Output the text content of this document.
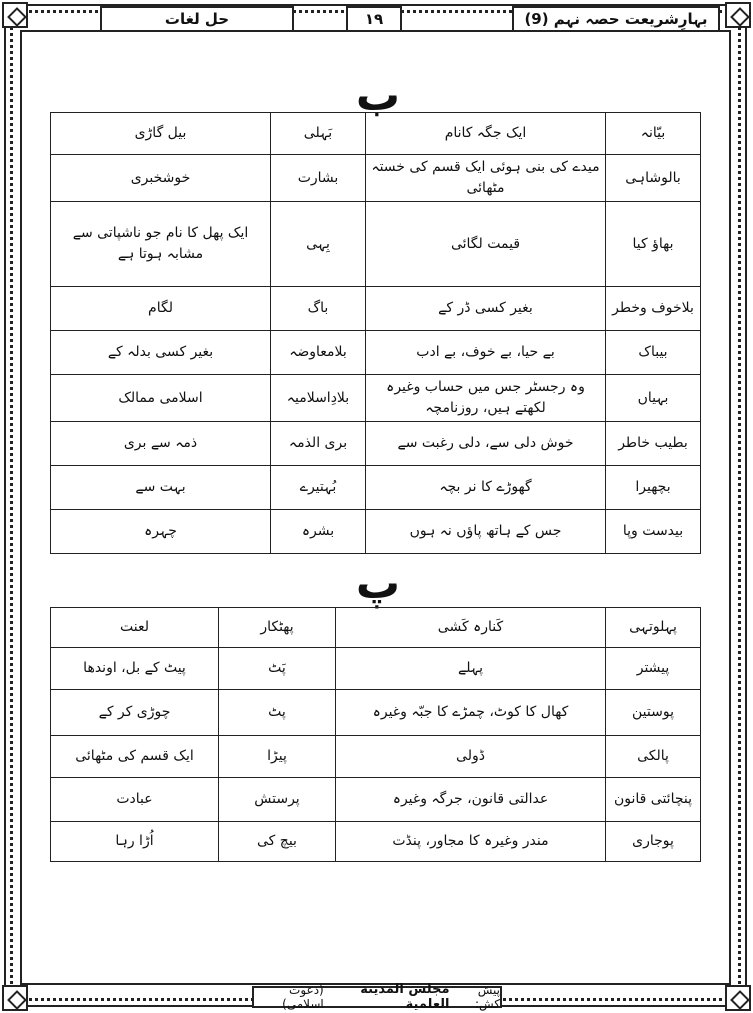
بہارِشریعت حصہ نہم (9)
١٩
حل لغات
ب
بیّانہ	ایک جگہ کانام	بَہلی	بیل گاڑی
بالوشاہی	میدے کی بنی ہوئی ایک قسم کی خستہ مٹھائی	بشارت	خوشخبری
بھاؤ کیا	قیمت لگائی	بِہی	ایک پھل کا نام جو ناشپاتی سے مشابہ ہوتا ہے
بلاخوف وخطر	بغیر کسی ڈر کے	باگ	لگام
بیباک	بے حیا، بے خوف، بے ادب	بلامعاوضہ	بغیر کسی بدلہ کے
بہیاں	وہ رجسٹر جس میں حساب وغیرہ لکھتے ہیں، روزنامچہ	بلادِاسلامیہ	اسلامی ممالک
بطیب خاطر	خوش دلی سے، دلی رغبت سے	بری الذمہ	ذمہ سے بری
بچھیرا	گھوڑے کا نر بچہ	بُہتیرے	بہت سے
بیدست وپا	جس کے ہاتھ پاؤں نہ ہوں	بشرہ	چہرہ
پ
پہلوتہی	کَنارہ کَشی	پھٹکار	لعنت
پیشتر	پہلے	پَٹ	پیٹ کے بل، اوندھا
پوستین	کھال کا کوٹ، چمڑے کا جبّہ وغیرہ	پٹ	چوڑی کر کے
پالکی	ڈولی	پیڑا	ایک قسم کی مٹھائی
پنچائتی قانون	عدالتی قانون، جرگہ وغیرہ	پرستش	عبادت
پوجاری	مندر وغیرہ کا مجاور، پنڈت	بیچ کی	اُڑا رہا
پیش کش:
مجلس المدینة العلمیة
(دعوت اسلامی)
